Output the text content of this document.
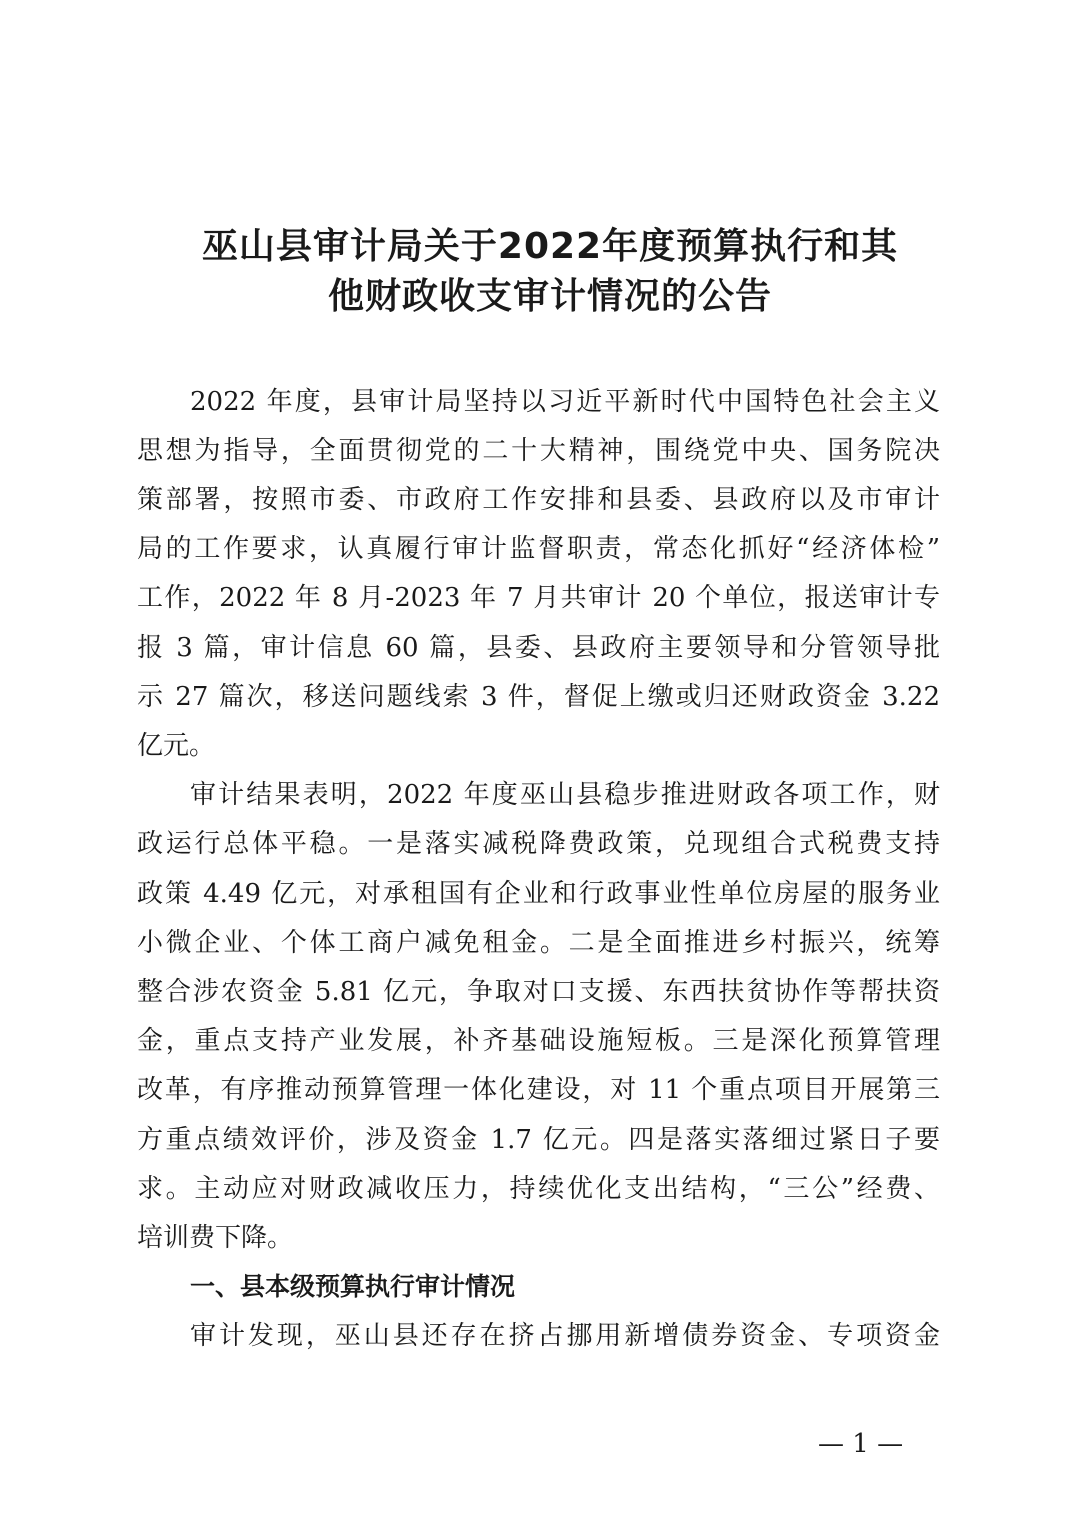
巫山县审计局关于2022年度预算执行和其
他财政收支审计情况的公告
2022 年度，县审计局坚持以习近平新时代中国特色社会主义
思想为指导，全面贯彻党的二十大精神，围绕党中央、国务院决
策部署，按照市委、市政府工作安排和县委、县政府以及市审计
局的工作要求，认真履行审计监督职责，常态化抓好“经济体检”
工作，2022 年 8 月-2023 年 7 月共审计 20 个单位，报送审计专
报 3 篇，审计信息 60 篇，县委、县政府主要领导和分管领导批
示 27 篇次，移送问题线索 3 件，督促上缴或归还财政资金 3.22
亿元。
审计结果表明，2022 年度巫山县稳步推进财政各项工作，财
政运行总体平稳。一是落实减税降费政策，兑现组合式税费支持
政策 4.49 亿元，对承租国有企业和行政事业性单位房屋的服务业
小微企业、个体工商户减免租金。二是全面推进乡村振兴，统筹
整合涉农资金 5.81 亿元，争取对口支援、东西扶贫协作等帮扶资
金，重点支持产业发展，补齐基础设施短板。三是深化预算管理
改革，有序推动预算管理一体化建设，对 11 个重点项目开展第三
方重点绩效评价，涉及资金 1.7 亿元。四是落实落细过紧日子要
求。主动应对财政减收压力，持续优化支出结构，“三公”经费、
培训费下降。
一、县本级预算执行审计情况
审计发现，巫山县还存在挤占挪用新增债券资金、专项资金
— 1 —
